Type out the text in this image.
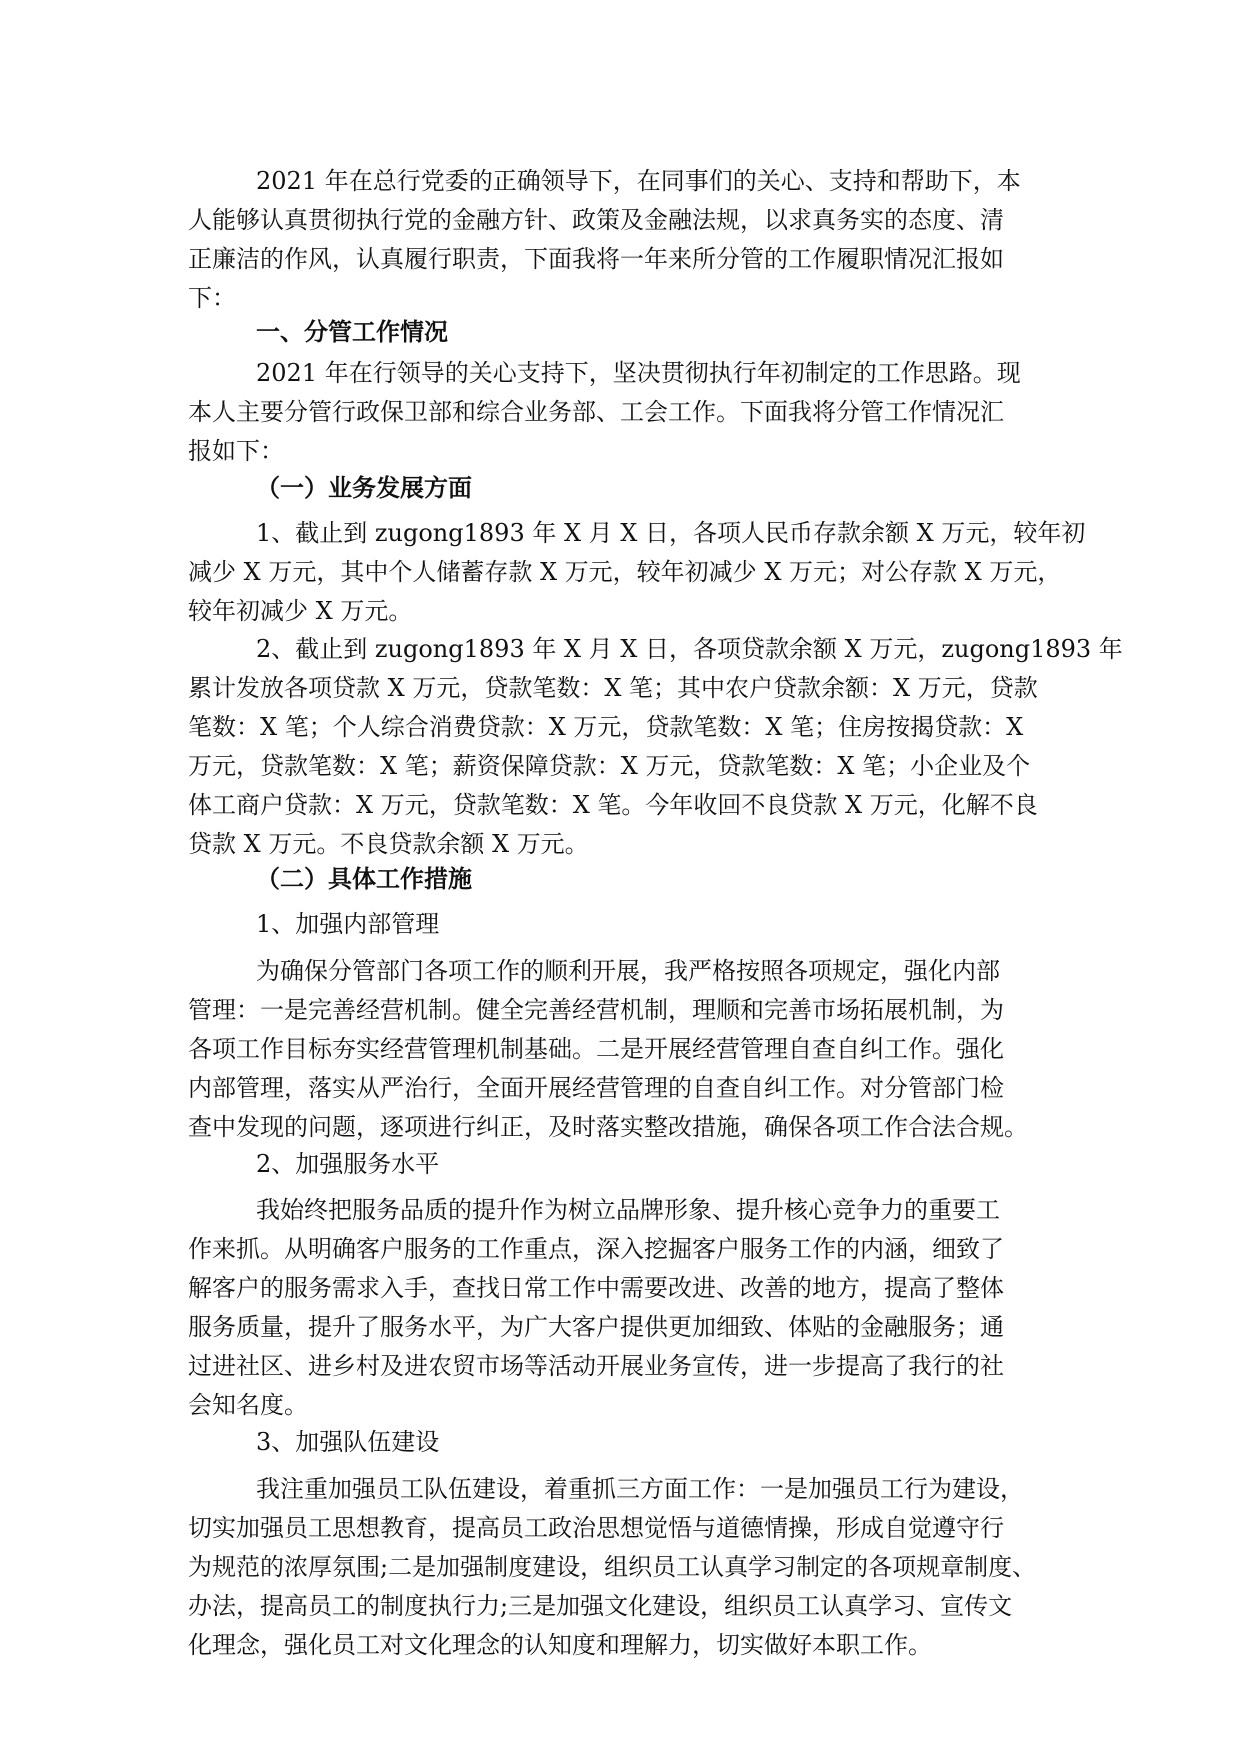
2021 年在总行党委的正确领导下，在同事们的关心、支持和帮助下，本
人能够认真贯彻执行党的金融方针、政策及金融法规，以求真务实的态度、清
正廉洁的作风，认真履行职责，下面我将一年来所分管的工作履职情况汇报如
下：
一、分管工作情况
2021 年在行领导的关心支持下，坚决贯彻执行年初制定的工作思路。现
本人主要分管行政保卫部和综合业务部、工会工作。下面我将分管工作情况汇
报如下：
（一）业务发展方面
1、截止到 zugong1893 年 X 月 X 日，各项人民币存款余额 X 万元，较年初
减少 X 万元，其中个人储蓄存款 X 万元，较年初减少 X 万元；对公存款 X 万元，
较年初减少 X 万元。
2、截止到 zugong1893 年 X 月 X 日，各项贷款余额 X 万元，zugong1893 年
累计发放各项贷款 X 万元，贷款笔数：X 笔；其中农户贷款余额：X 万元，贷款
笔数：X 笔；个人综合消费贷款：X 万元，贷款笔数：X 笔；住房按揭贷款：X
万元，贷款笔数：X 笔；薪资保障贷款：X 万元，贷款笔数：X 笔；小企业及个
体工商户贷款：X 万元，贷款笔数：X 笔。今年收回不良贷款 X 万元，化解不良
贷款 X 万元。不良贷款余额 X 万元。
（二）具体工作措施
1、加强内部管理
为确保分管部门各项工作的顺利开展，我严格按照各项规定，强化内部
管理：一是完善经营机制。健全完善经营机制，理顺和完善市场拓展机制，为
各项工作目标夯实经营管理机制基础。二是开展经营管理自查自纠工作。强化
内部管理，落实从严治行，全面开展经营管理的自查自纠工作。对分管部门检
查中发现的问题，逐项进行纠正，及时落实整改措施，确保各项工作合法合规。
2、加强服务水平
我始终把服务品质的提升作为树立品牌形象、提升核心竞争力的重要工
作来抓。从明确客户服务的工作重点，深入挖掘客户服务工作的内涵，细致了
解客户的服务需求入手，查找日常工作中需要改进、改善的地方，提高了整体
服务质量，提升了服务水平，为广大客户提供更加细致、体贴的金融服务；通
过进社区、进乡村及进农贸市场等活动开展业务宣传，进一步提高了我行的社
会知名度。
3、加强队伍建设
我注重加强员工队伍建设，着重抓三方面工作：一是加强员工行为建设，
切实加强员工思想教育，提高员工政治思想觉悟与道德情操，形成自觉遵守行
为规范的浓厚氛围;二是加强制度建设，组织员工认真学习制定的各项规章制度、
办法，提高员工的制度执行力;三是加强文化建设，组织员工认真学习、宣传文
化理念，强化员工对文化理念的认知度和理解力，切实做好本职工作。
